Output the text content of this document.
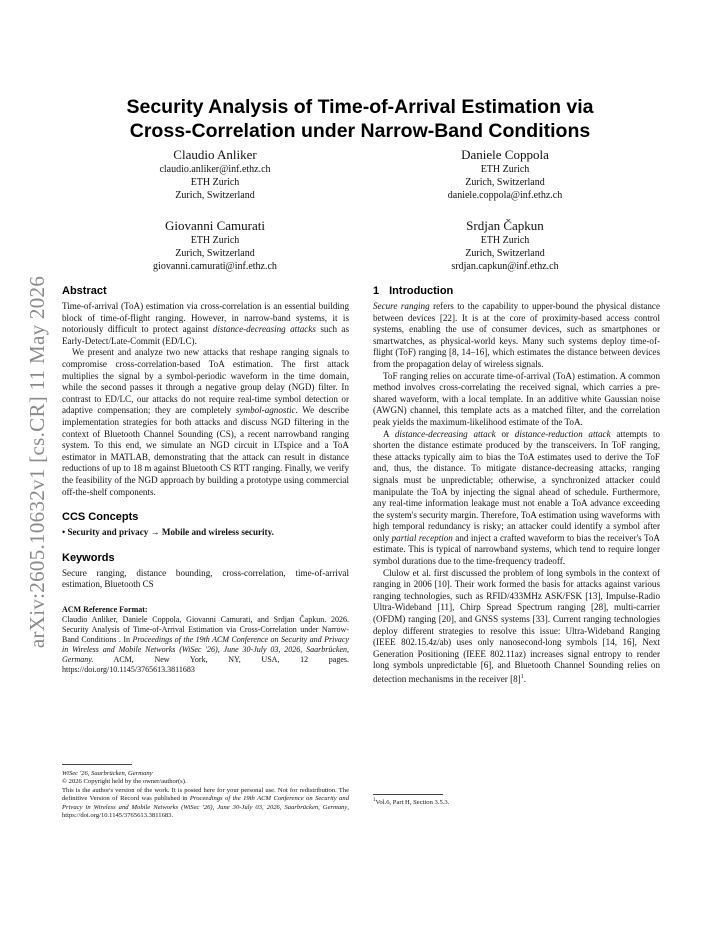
arXiv:2605.10632v1 [cs.CR] 11 May 2026
Security Analysis of Time-of-Arrival Estimation via
Cross-Correlation under Narrow-Band Conditions
Claudio Anliker
claudio.anliker@inf.ethz.ch
ETH Zurich
Zurich, Switzerland
Daniele Coppola
ETH Zurich
Zurich, Switzerland
daniele.coppola@inf.ethz.ch
Giovanni Camurati
ETH Zurich
Zurich, Switzerland
giovanni.camurati@inf.ethz.ch
Srdjan Čapkun
ETH Zurich
Zurich, Switzerland
srdjan.capkun@inf.ethz.ch
Abstract

Time-of-arrival (ToA) estimation via cross-correlation is an essential building block of time-of-flight ranging. However, in narrow-band systems, it is notoriously difficult to protect against distance-decreasing attacks such as Early-Detect/Late-Commit (ED/LC).

We present and analyze two new attacks that reshape ranging signals to compromise cross-correlation-based ToA estimation. The first attack multiplies the signal by a symbol-periodic waveform in the time domain, while the second passes it through a negative group delay (NGD) filter. In contrast to ED/LC, our attacks do not require real-time symbol detection or adaptive compensation; they are completely symbol-agnostic. We describe implementation strategies for both attacks and discuss NGD filtering in the context of Bluetooth Channel Sounding (CS), a recent narrowband ranging system. To this end, we simulate an NGD circuit in LTspice and a ToA estimator in MATLAB, demonstrating that the attack can result in distance reductions of up to 18 m against Bluetooth CS RTT ranging. Finally, we verify the feasibility of the NGD approach by building a prototype using commercial off-the-shelf components.

CCS Concepts

• Security and privacy → Mobile and wireless security.

Keywords

Secure ranging, distance bounding, cross-correlation, time-of-arrival estimation, Bluetooth CS

ACM Reference Format:

Claudio Anliker, Daniele Coppola, Giovanni Camurati, and Srdjan Čapkun. 2026. Security Analysis of Time-of-Arrival Estimation via Cross-Correlation under Narrow-Band Conditions . In Proceedings of the 19th ACM Conference on Security and Privacy in Wireless and Mobile Networks (WiSec '26), June 30-July 03, 2026, Saarbrücken, Germany. ACM, New York, NY, USA, 12 pages. https://doi.org/10.1145/3765613.3811683

WiSec '26, Saarbrücken, Germany
© 2026 Copyright held by the owner/author(s).
This is the author's version of the work. It is posted here for your personal use. Not for redistribution. The definitive Version of Record was published in Proceedings of the 19th ACM Conference on Security and Privacy in Wireless and Mobile Networks (WiSec '26), June 30-July 03, 2026, Saarbrücken, Germany, https://doi.org/10.1145/3765613.3811683.
1 Introduction

Secure ranging refers to the capability to upper-bound the physical distance between devices [22]. It is at the core of proximity-based access control systems, enabling the use of consumer devices, such as smartphones or smartwatches, as physical-world keys. Many such systems deploy time-of-flight (ToF) ranging [8, 14–16], which estimates the distance between devices from the propagation delay of wireless signals.

ToF ranging relies on accurate time-of-arrival (ToA) estimation. A common method involves cross-correlating the received signal, which carries a pre-shared waveform, with a local template. In an additive white Gaussian noise (AWGN) channel, this template acts as a matched filter, and the correlation peak yields the maximum-likelihood estimate of the ToA.

A distance-decreasing attack or distance-reduction attack attempts to shorten the distance estimate produced by the transceivers. In ToF ranging, these attacks typically aim to bias the ToA estimates used to derive the ToF and, thus, the distance. To mitigate distance-decreasing attacks, ranging signals must be unpredictable; otherwise, a synchronized attacker could manipulate the ToA by injecting the signal ahead of schedule. Furthermore, any real-time information leakage must not enable a ToA advance exceeding the system's security margin. Therefore, ToA estimation using waveforms with high temporal redundancy is risky; an attacker could identify a symbol after only partial reception and inject a crafted waveform to bias the receiver's ToA estimate. This is typical of narrowband systems, which tend to require longer symbol durations due to the time-frequency tradeoff.

Clulow et al. first discussed the problem of long symbols in the context of ranging in 2006 [10]. Their work formed the basis for attacks against various ranging technologies, such as RFID/433MHz ASK/FSK [13], Impulse-Radio Ultra-Wideband [11], Chirp Spread Spectrum ranging [28], multi-carrier (OFDM) ranging [20], and GNSS systems [33]. Current ranging technologies deploy different strategies to resolve this issue: Ultra-Wideband Ranging (IEEE 802.15.4z/ab) uses only nanosecond-long symbols [14, 16], Next Generation Positioning (IEEE 802.11az) increases signal entropy to render long symbols unpredictable [6], and Bluetooth Channel Sounding relies on detection mechanisms in the receiver $[8]^1$.

$^1$Vol.6, Part H, Section 3.5.3.
